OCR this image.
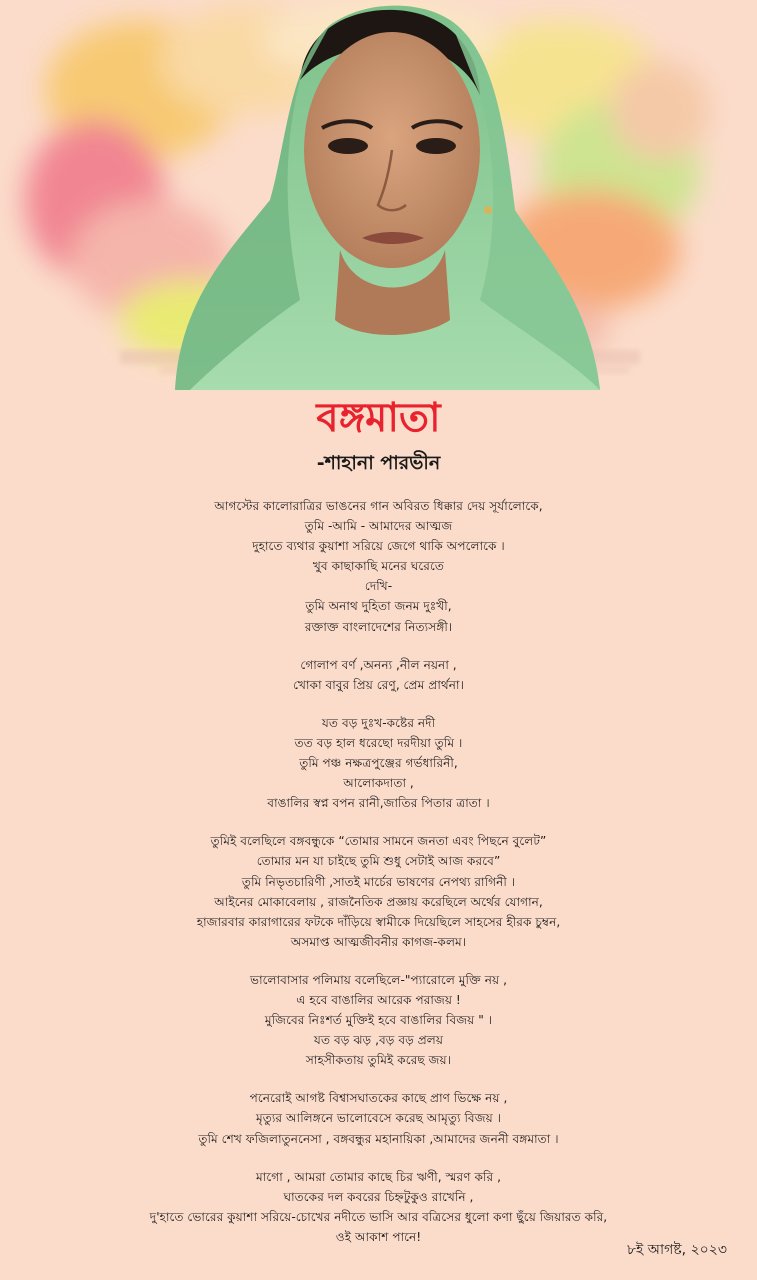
বঙ্গমাতা
-শাহানা পারভীন
আগস্টের কালোরাত্রির ভাঙনের গান অবিরত ধিক্কার দেয় সূর্যালোকে,
তুমি -আমি - আমাদের আত্মজ
দুহাতে ব্যথার কুয়াশা সরিয়ে জেগে থাকি অপলোকে ।
খুব কাছাকাছি মনের ঘরেতে
দেখি-
তুমি অনাথ দুহিতা জনম দুঃখী,
রক্তাক্ত বাংলাদেশের নিত্যসঙ্গী।
গোলাপ বর্ণ ,অনন্য ,নীল নয়না ,
খোকা বাবুর প্রিয় রেণু, প্রেম প্রার্থনা।
যত বড় দুঃখ-কষ্টের নদী
তত বড় হাল ধরেছো দরদীয়া তুমি ।
তুমি পঞ্চ নক্ষত্রপুঞ্জের গর্ভধারিনী,
আলোকদাতা ,
বাঙালির স্বপ্ন বপন রানী,জাতির পিতার ত্রাতা ।
তুমিই বলেছিলে বঙ্গবন্ধুকে “তোমার সামনে জনতা এবং পিছনে বুলেট”
তোমার মন যা চাইছে তুমি শুধু সেটাই আজ করবে”
তুমি নিভৃতচারিণী ,সাতই মার্চের ভাষণের নেপথ্য রাগিনী ।
আইনের মোকাবেলায় , রাজনৈতিক প্রজ্ঞায় করেছিলে অর্থের যোগান,
হাজারবার কারাগারের ফটকে দাঁড়িয়ে স্বামীকে দিয়েছিলে সাহসের হীরক চুম্বন,
অসমাপ্ত আত্মজীবনীর কাগজ-কলম।
ভালোবাসার পলিমায় বলেছিলে-"প্যারোলে মুক্তি নয় ,
এ হবে বাঙালির আরেক পরাজয় !
মুজিবের নিঃশর্ত মুক্তিই হবে বাঙালির বিজয় " ।
যত বড় ঝড় ,বড় বড় প্রলয়
সাহসীকতায় তুমিই করেছ জয়।
পনেরোই আগষ্ট বিশ্বাসঘাতকের কাছে প্রাণ ভিক্ষে নয় ,
মৃত্যুর আলিঙ্গনে ভালোবেসে করেছ আমৃত্যু বিজয় ।
তুমি শেখ ফজিলাতুননেসা , বঙ্গবন্ধুর মহানায়িকা ,আমাদের জননী বঙ্গমাতা ।
মাগো , আমরা তোমার কাছে চির ঋণী, স্মরণ করি ,
ঘাতকের দল কবরের চিহ্নটুকুও রাখেনি ,
দু'হাতে ভোরের কুয়াশা সরিয়ে-চোখের নদীতে ভাসি আর বত্রিসের ধুলো কণা ছুঁয়ে জিয়ারত করি,
ওই আকাশ পানে!
৮ই আগষ্ট, ২০২৩
